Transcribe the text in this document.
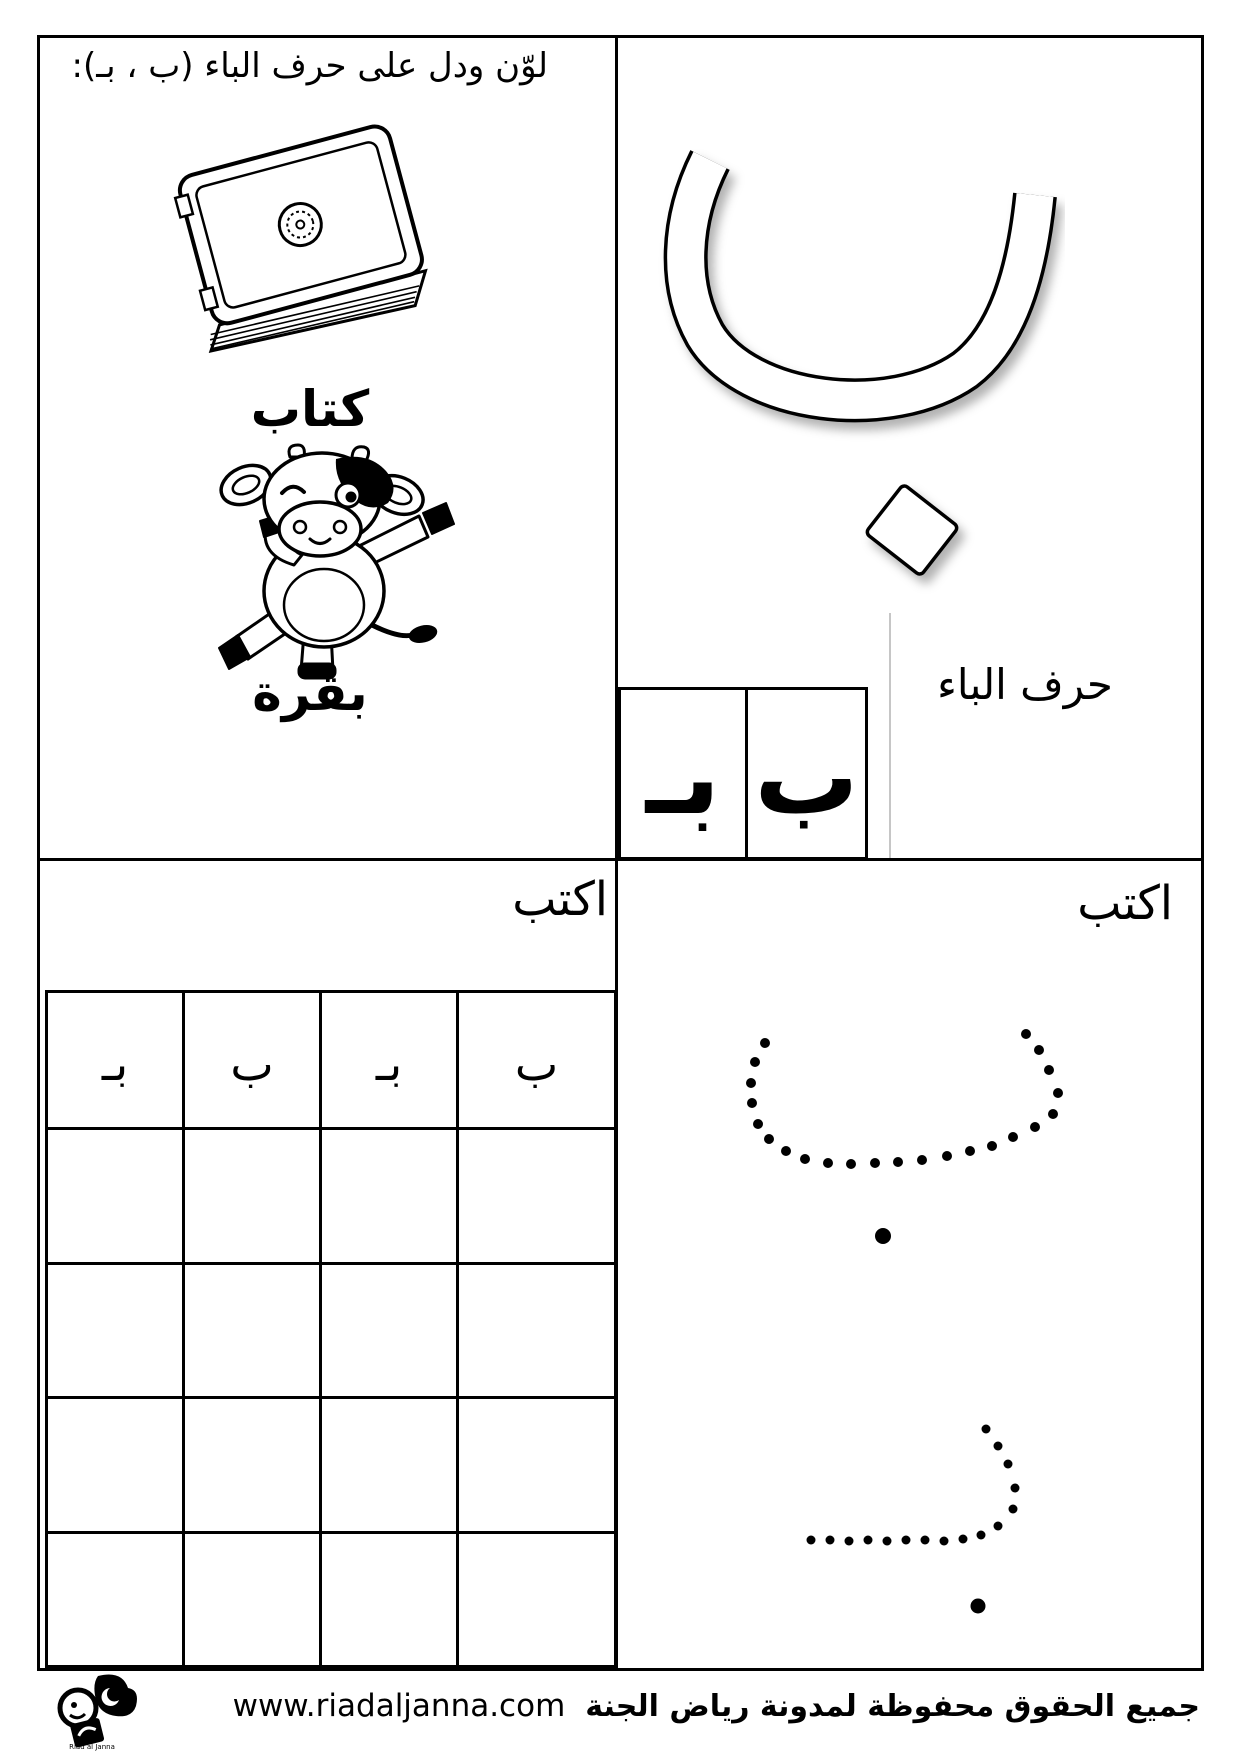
لوّن ودل على حرف الباء (ب ، بـ):
كتاب
بقرة
بـ ب
حرف الباء
اكتب
ب
بـ
ب
بـ
اكتب
Riad al Janna
جميع الحقوق محفوظة لمدونة رياض الجنة
www.riadaljanna.com
